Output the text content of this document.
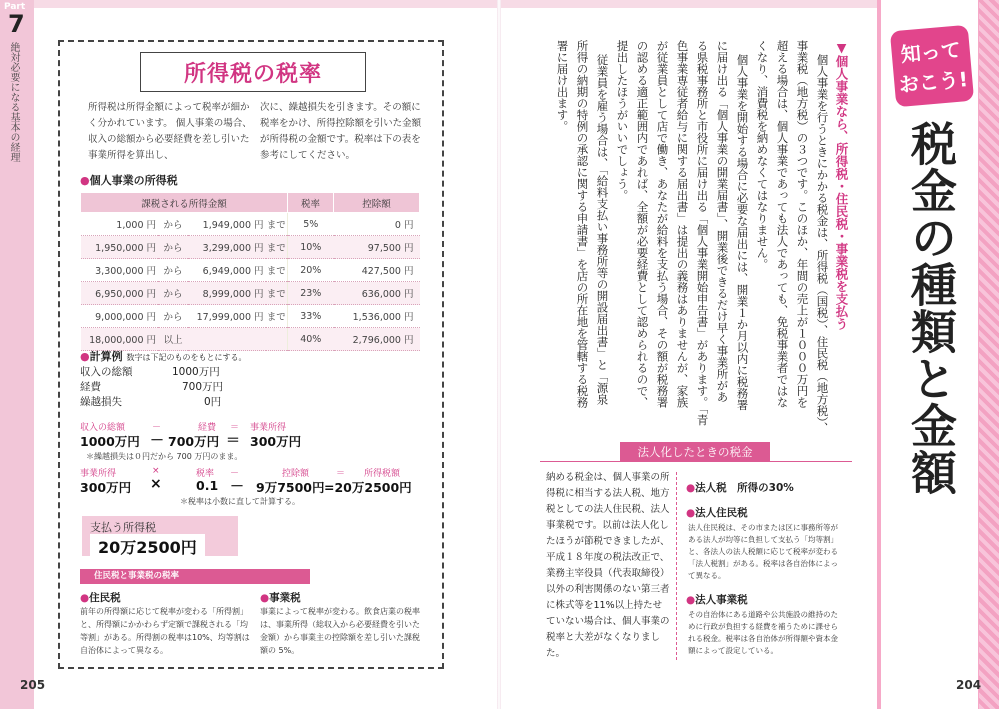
Part
7
絶対必要になる基本の経理	所得税の税率
所得税は所得金額によって税率が細かく分かれています。 個人事業の場合、収入の総額から必要経費を差し引いた事業所得を算出し、
次に、繰越損失を引きます。その額に税率をかけ、所得控除額を引いた金額が所得税の金額です。税率は下の表を参考にしてください。
●個人事業の所得税
課税される所得金額				税率	控除額
1,000 円	から	1,949,000 円	まで		5%	0 円
1,950,000 円	から	3,299,000 円	まで		10%	97,500 円
3,300,000 円	から	6,949,000 円	まで		20%	427,500 円
6,950,000 円	から	8,999,000 円	まで		23%	636,000 円
9,000,000 円	から	17,999,000 円	まで		33%	1,536,000 円
18,000,000 円	以上				40%	2,796,000 円
●計算例 数字は下記のものをもとにする。
収入の総額	1000万円
経費	700万円
繰越損失	0円
収入の総額	－	経費 ＝ 事業所得
1000万円 － 700万円 ＝ 300万円
＊繰越損失は０円だから 700 万円のまま。
事業所得	×	税率 －	控除額	＝ 所得税額
300万円 ×	0.1 － 9万7500円 =20万2500円
＊税率は小数に直して計算する。
支払う所得税
20万2500円
住民税と事業税の税率
●住民税
前年の所得額に応じて税率が変わる「所得割」と、所得額にかかわらず定額で課税される「均等割」がある。所得割の税率は10%、均等割は自治体によって異なる。
●事業税
事業によって税率が変わる。飲食店業の税率は、事業所得（総収入から必要経費を引いた金額）から事業主の控除額を差し引いた課税額の 5%。
205
知って
おこう!
税金の種類と金額
▼個人事業なら、所得税・住民税・事業税を支払う
個人事業を行うときにかかる税金は、所得税（国税）、住民税（地方税）、
事業税（地方税）の３つです。このほか、年間の売上が１０００万円を
超える場合は、個人事業であっても法人であっても、免税事業者ではな
くなり、消費税を納めなくてはなりません。
個人事業を開始する場合に必要な届出には、開業１か月以内に税務署
に届け出る「個人事業の開業届書」、開業後できるだけ早く事業所があ
る県税事務所と市役所に届け出る「個人事業開始申告書」があります。「青
色事業専従者給与に関する届出書」は提出の義務はありませんが、家族
が従業員として店で働き、あなたが給料を支払う場合、その額が税務署
の認める適正範囲内であれば、全額が必要経費として認められるので、
提出したほうがいいでしょう。
従業員を雇う場合は、「給料支払い事務所等の開設届出書」と「源泉
所得の納期の特例の承認に関する申請書」を店の所在地を管轄する税務
署に届け出ます。
法人化したときの税金
納める税金は、個人事業の所得税に相当する法人税、地方税としての法人住民税、法人事業税です。以前は法人化したほうが節税できましたが、平成１８年度の税法改正で、業務主宰役員（代表取締役）以外の利害関係のない第三者に株式等を11%以上持たせていない場合は、個人事業の税率と大差がなくなりました。
●法人税　所得の30%
●法人住民税
法人住民税は、その市または区に事務所等がある法人が均等に負担して支払う「均等割」と、各法人の法人税額に応じて税率が変わる「法人税割」がある。税率は各自治体によって異なる。
●法人事業税
その自治体にある道路や公共施設の維持のために行政が負担する経費を補うために課せられる税金。税率は各自治体が所得額や資本金額によって設定している。
204
